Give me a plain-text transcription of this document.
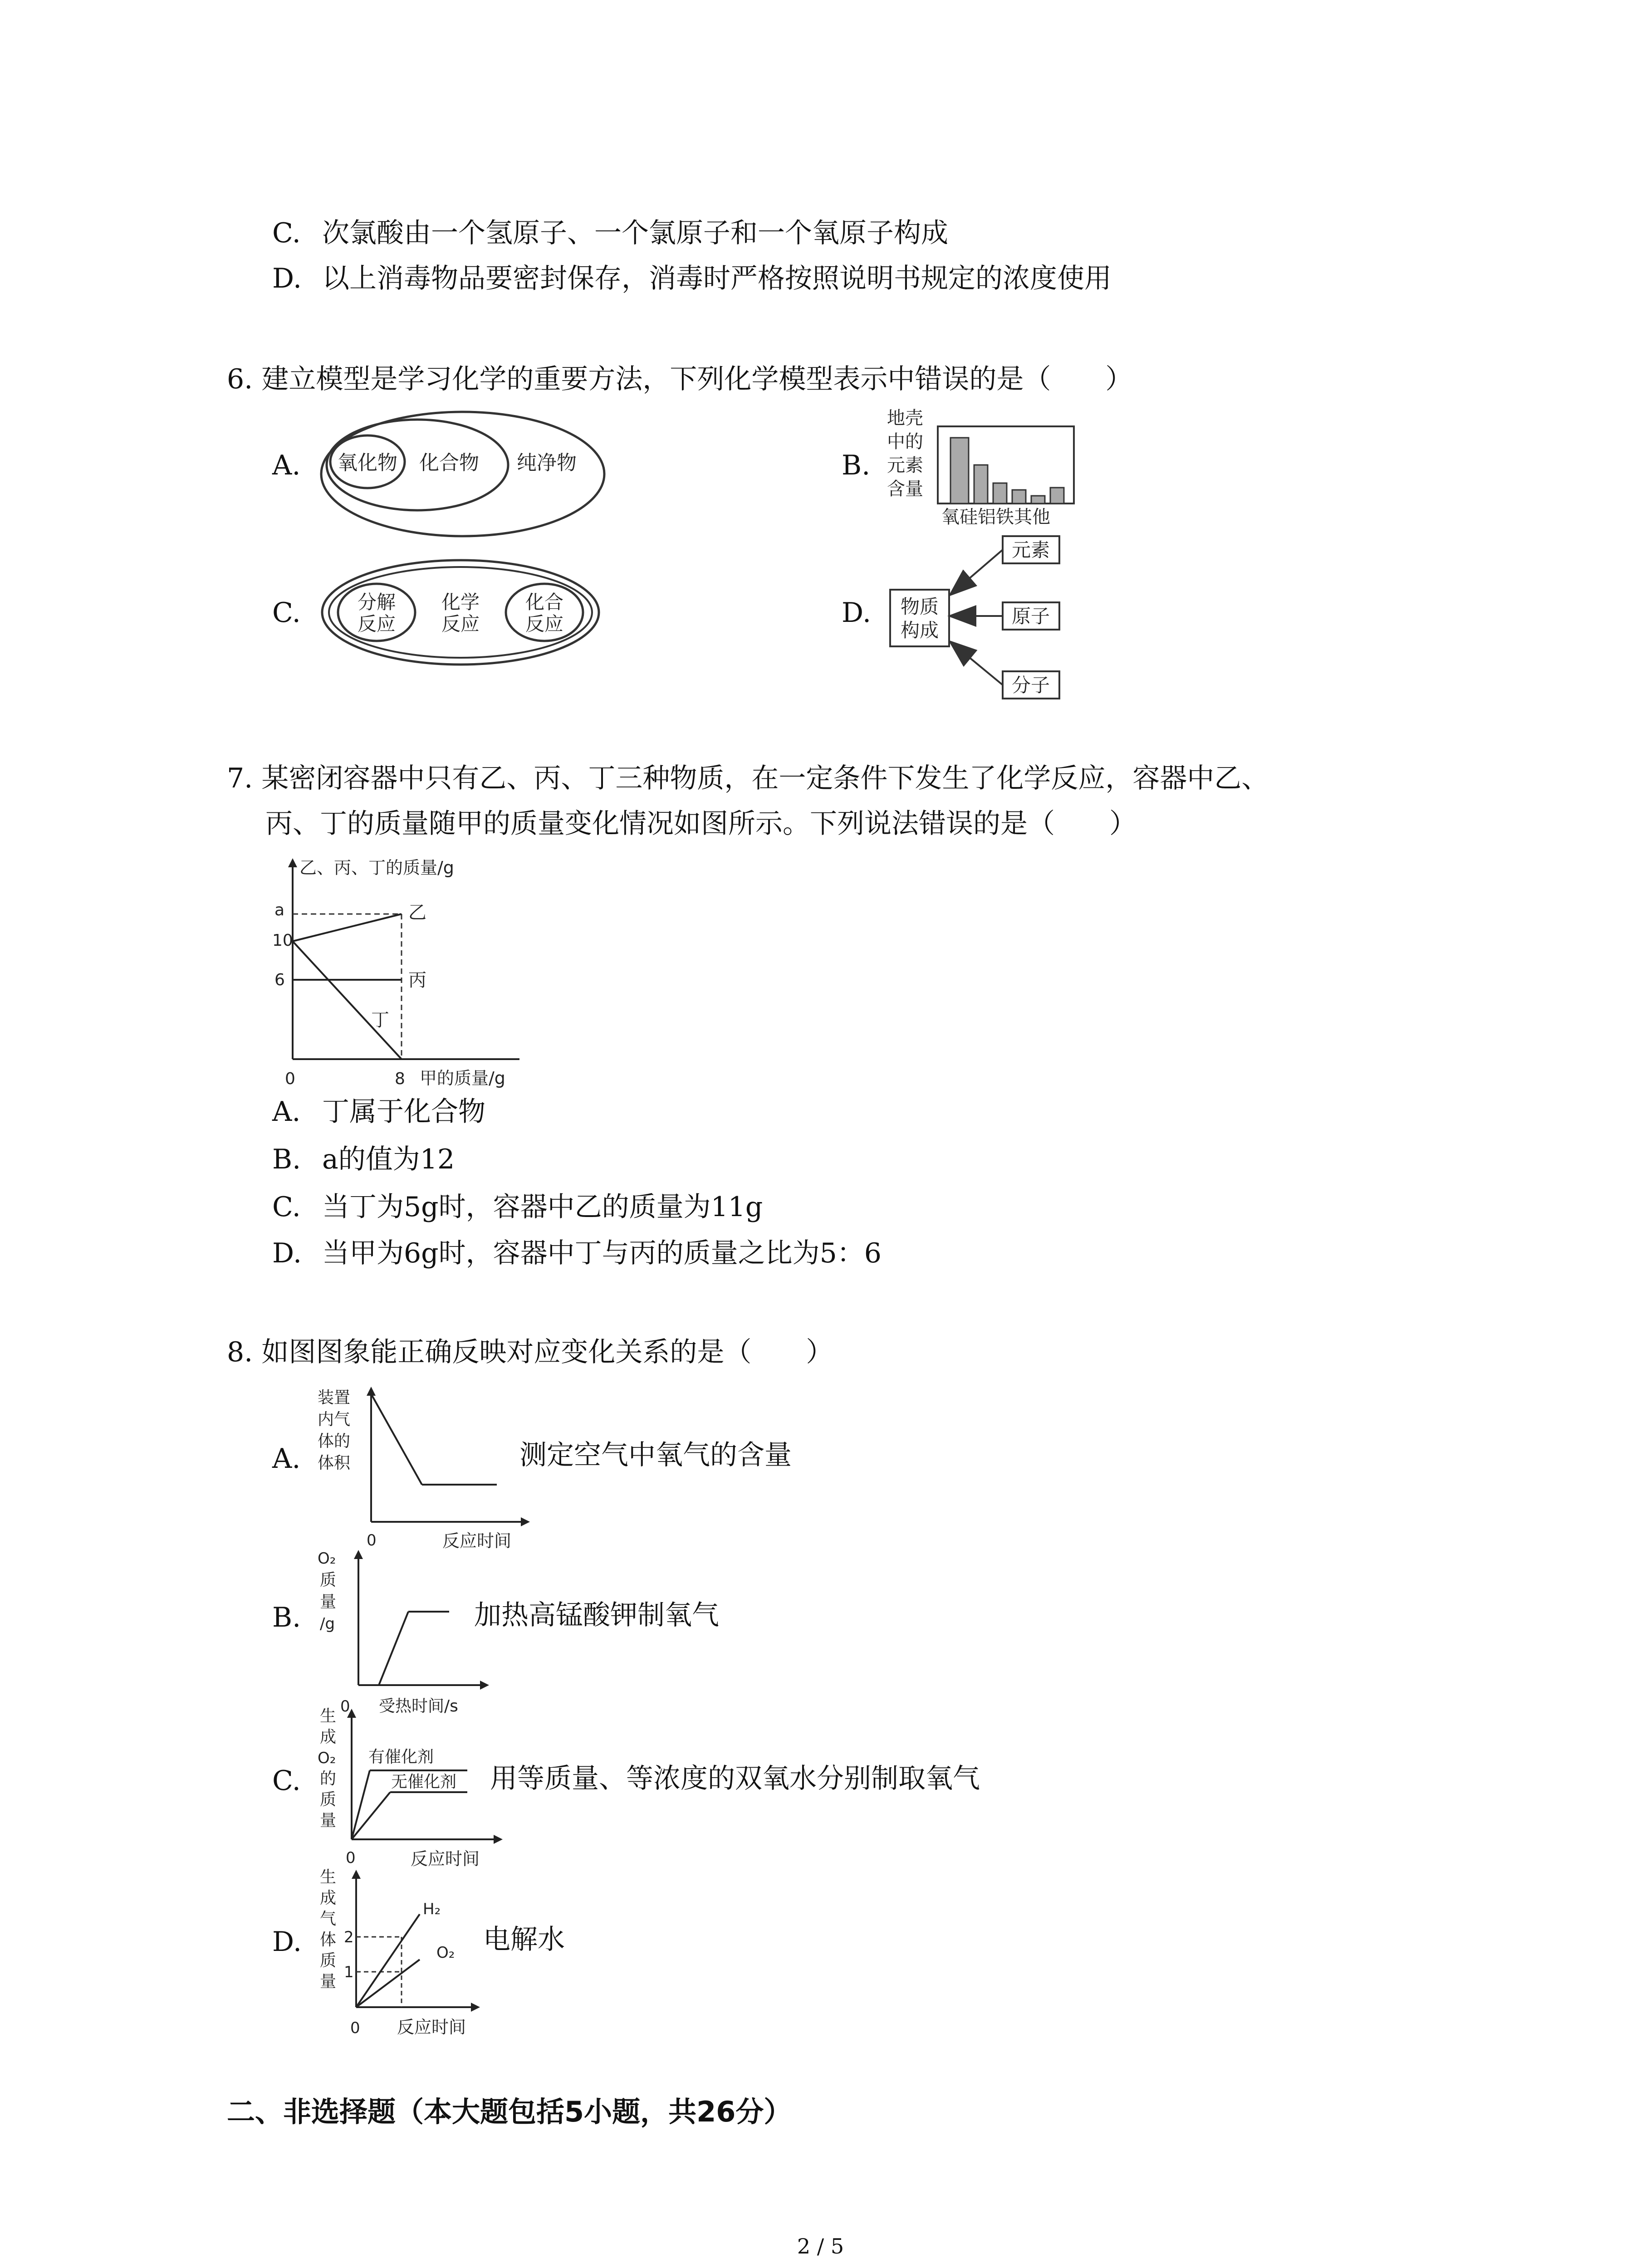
C. 次氯酸由一个氢原子、一个氯原子和一个氧原子构成
D. 以上消毒物品要密封保存，消毒时严格按照说明书规定的浓度使用
6. 建立模型是学习化学的重要方法，下列化学模型表示中错误的是（　　）
A. 氧化物 化合物 纯净物	B.
地壳
中的
元素
含量
氧硅铝铁其他
C.	分解
反应
化学
反应
化合
反应	D. 物质
构成
元素
原子
分子
7. 某密闭容器中只有乙、丙、丁三种物质，在一定条件下发生了化学反应，容器中乙、
丙、丁的质量随甲的质量变化情况如图所示。下列说法错误的是（　　）
乙、丙、丁的质量/g
a
10
6
0	8 甲的质量/g
乙
丙
丁
A. 丁属于化合物
B. a的值为12
C. 当丁为5g时，容器中乙的质量为11g
D. 当甲为6g时，容器中丁与丙的质量之比为5：6
8. 如图图象能正确反映对应变化关系的是（　　）
A.
装置
内气
体的
体积
0	反应时间
测定空气中氧气的含量
B.
O₂
质
量
/g
0 受热时间/s
加热高锰酸钾制氧气
C.
生
成
O₂
的
质
量
有催化剂
无催化剂
0	反应时间
用等质量、等浓度的双氧水分别制取氧气
D.
生
成
气
体
质
量
2
1
H₂
O₂
0 反应时间
电解水
二、非选择题（本大题包括5小题，共26分）
2 / 5
